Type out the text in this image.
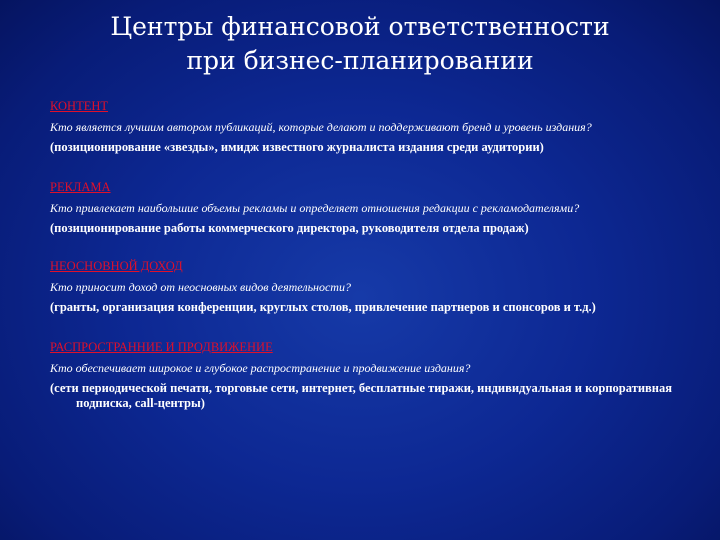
Центры финансовой ответственности
при бизнес-планировании
КОНТЕНТ
Кто является лучшим автором публикаций, которые делают и поддерживают бренд и уровень издания?
(позиционирование «звезды», имидж известного журналиста издания среди аудитории)
РЕКЛАМА
Кто привлекает наибольшие объемы рекламы и определяет отношения редакции с рекламодателями?
(позиционирование работы коммерческого директора, руководителя отдела продаж)
НЕОСНОВНОЙ ДОХОД
Кто приносит доход от неосновных видов деятельности?
(гранты, организация конференции, круглых столов, привлечение партнеров и спонсоров и т.д.)
РАСПРОСТРАННИЕ И ПРОДВИЖЕНИЕ
Кто обеспечивает широкое и глубокое распространение и продвижение издания?
(сети периодической печати, торговые сети, интернет, бесплатные тиражи, индивидуальная и корпоративная подписка, call-центры)
